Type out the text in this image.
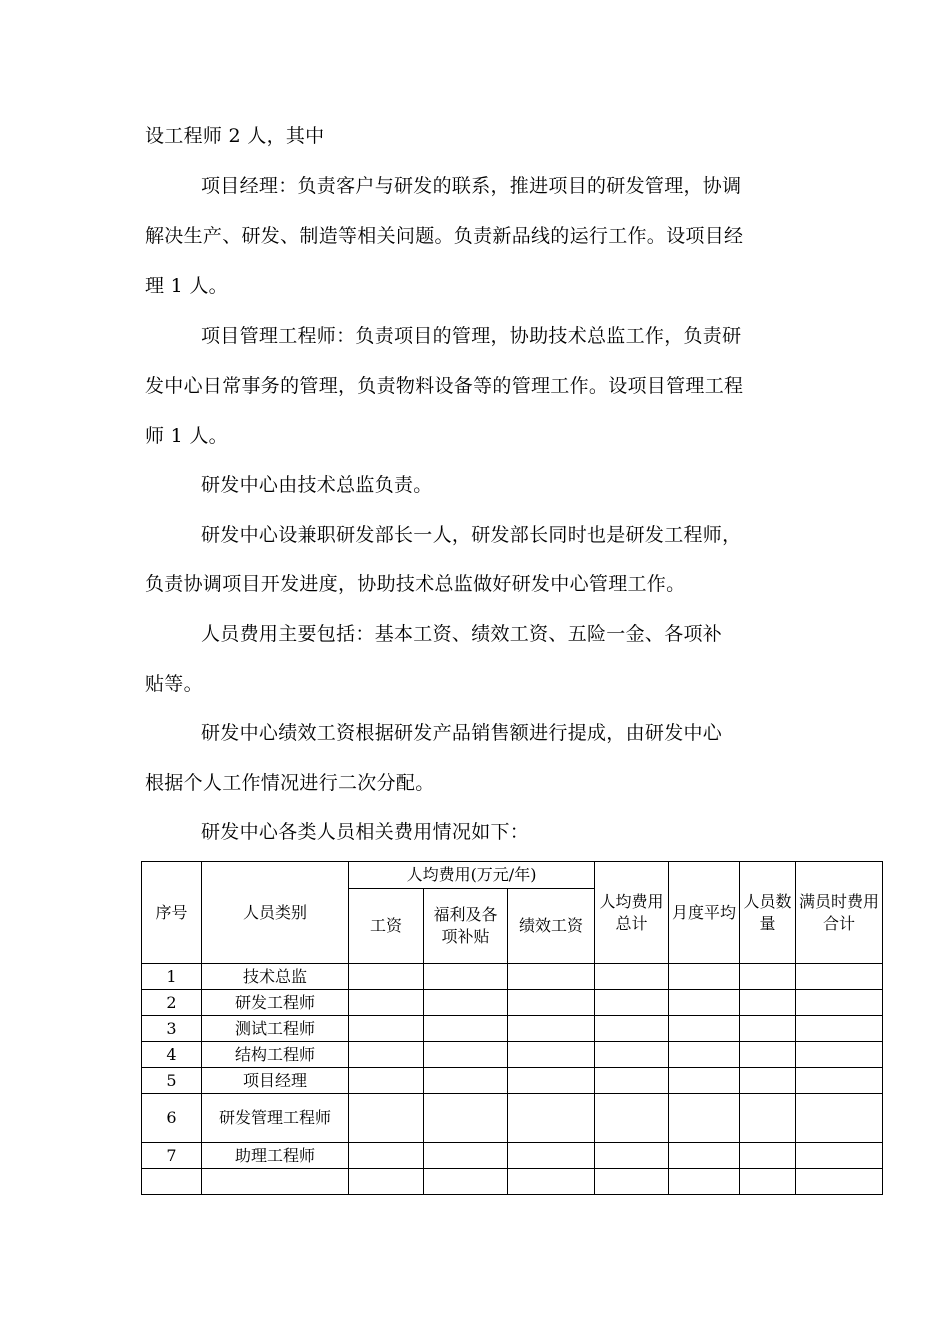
设工程师 2 人，其中
项目经理：负责客户与研发的联系，推进项目的研发管理，协调
解决生产、研发、制造等相关问题。负责新品线的运行工作。设项目经
理 1 人。
项目管理工程师：负责项目的管理，协助技术总监工作，负责研
发中心日常事务的管理，负责物料设备等的管理工作。设项目管理工程
师 1 人。
研发中心由技术总监负责。
研发中心设兼职研发部长一人，研发部长同时也是研发工程师，
负责协调项目开发进度，协助技术总监做好研发中心管理工作。
人员费用主要包括：基本工资、绩效工资、五险一金、各项补
贴等。
研发中心绩效工资根据研发产品销售额进行提成，由研发中心
根据个人工作情况进行二次分配。
研发中心各类人员相关费用情况如下：
序号	人员类别	人均费用(万元/年)			人均费用总计	月度平均	人员数量	满员时费用合计
		工资	福利及各项补贴	绩效工资				
1	技术总监							
2	研发工程师							
3	测试工程师							
4	结构工程师							
5	项目经理							
6	研发管理工程师							
7	助理工程师							
